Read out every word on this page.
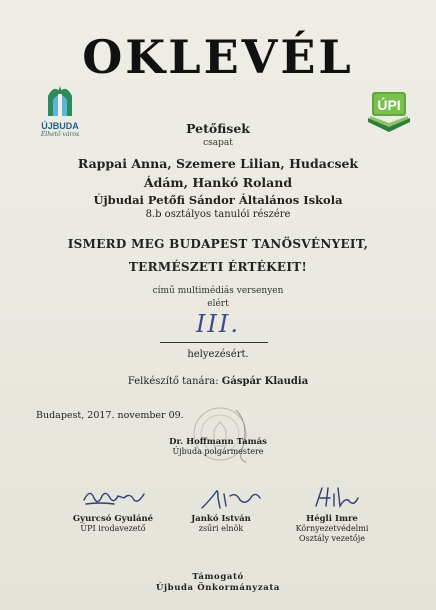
ÚJBUDA
Élhető város
ÚPI
OKLEVÉL
Petőfisek
csapat
Rappai Anna, Szemere Lilian, Hudacsek
Ádám, Hankó Roland
Újbudai Petőfi Sándor Általános Iskola
8.b osztályos tanulói részére
ISMERD MEG BUDAPEST TANÖSVÉNYEIT,
TERMÉSZETI ÉRTÉKEIT!
című multimédiás versenyen
elért
III.
helyezésért.
Felkészítő tanára: Gáspár Klaudia
Budapest, 2017. november 09.
Dr. Hoffmann Tamás
Újbuda polgármestere
Gyurcsó Gyuláné
ÚPI irodavezető
Jankó István
zsűri elnök
Hégli Imre
Környezetvédelmi
Osztály vezetője
Támogató
Újbuda Önkormányzata
